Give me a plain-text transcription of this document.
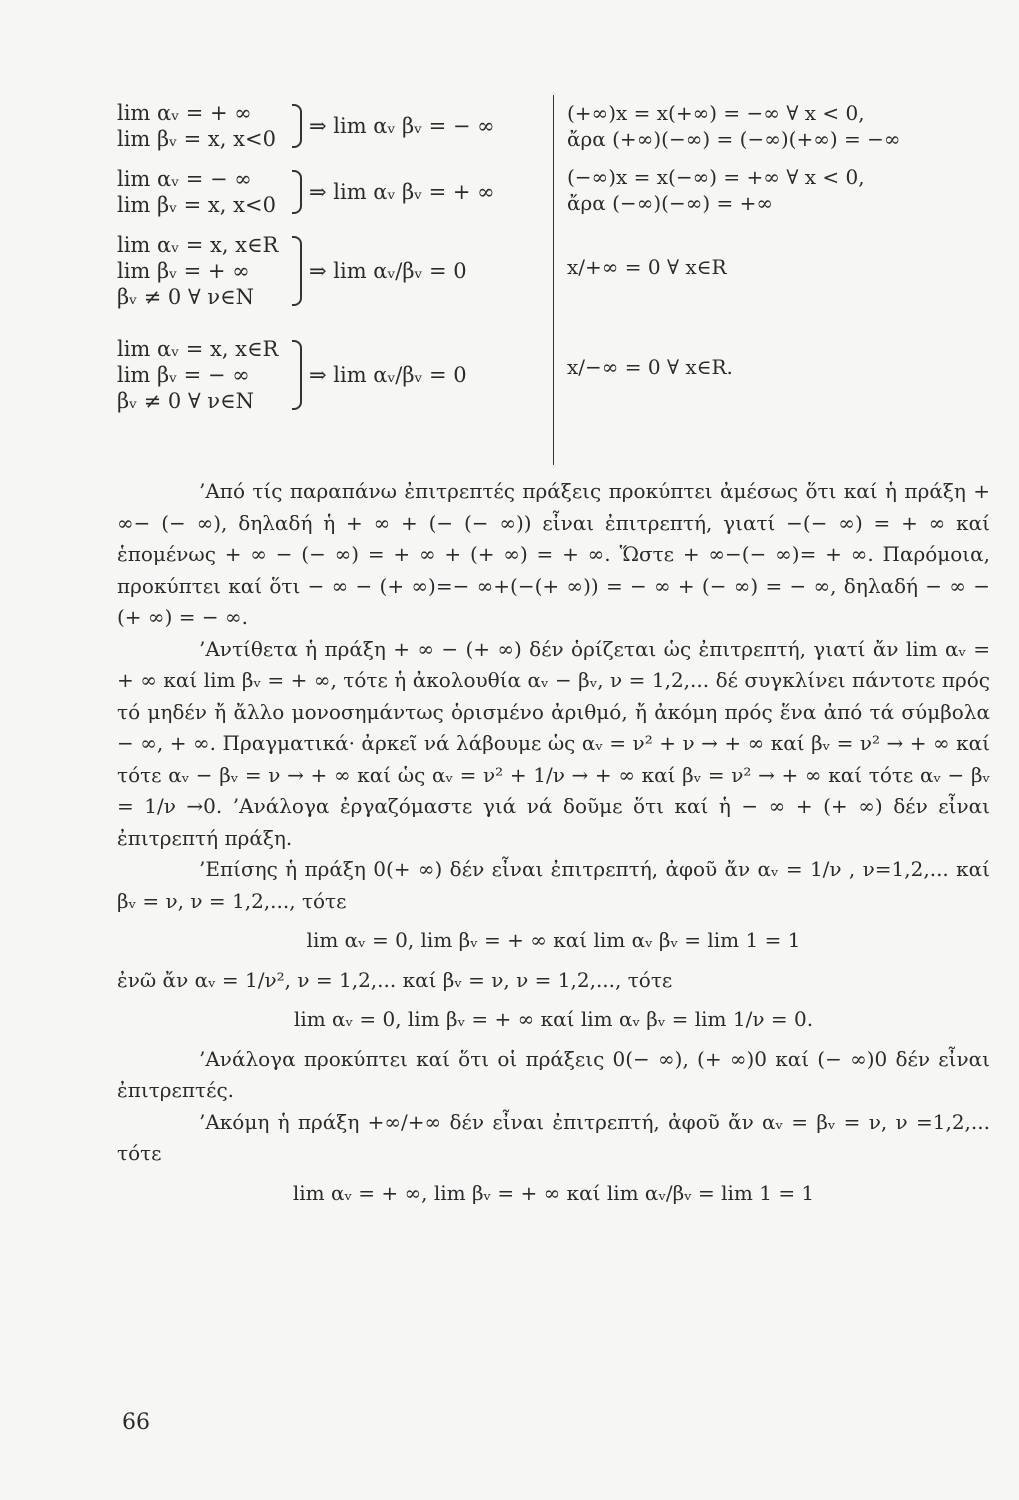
lim αᵥ = + ∞
lim βᵥ = x, x<0
⇒ lim αᵥ βᵥ = − ∞
lim αᵥ = − ∞
lim βᵥ = x, x<0
⇒ lim αᵥ βᵥ = + ∞
lim αᵥ = x, x∈R
lim βᵥ = + ∞
βᵥ ≠ 0 ∀ ν∈N
⇒ lim αᵥ/βᵥ = 0
lim αᵥ = x, x∈R
lim βᵥ = − ∞
βᵥ ≠ 0 ∀ ν∈N
⇒ lim αᵥ/βᵥ = 0
(+∞)x = x(+∞) = −∞ ∀ x < 0,
ἄρα (+∞)(−∞) = (−∞)(+∞) = −∞
(−∞)x = x(−∞) = +∞ ∀ x < 0,
ἄρα (−∞)(−∞) = +∞
x/+∞ = 0 ∀ x∈R
x/−∞ = 0 ∀ x∈R.

’Από τίς παραπάνω ἐπιτρεπτές πράξεις προκύπτει ἀμέσως ὅτι καί ἡ πράξη + ∞− (− ∞), δηλαδή ἡ + ∞ + (− (− ∞)) εἶναι ἐπιτρεπτή, γιατί −(− ∞) = + ∞ καί ἑπομένως + ∞ − (− ∞) = + ∞ + (+ ∞) = + ∞. Ὥστε + ∞−(− ∞)= + ∞. Παρόμοια, προκύπτει καί ὅτι − ∞ − (+ ∞)=− ∞+(−(+ ∞)) = − ∞ + (− ∞) = − ∞, δηλαδή − ∞ − (+ ∞) = − ∞.

’Αντίθετα ἡ πράξη + ∞ − (+ ∞) δέν ὁρίζεται ὡς ἐπιτρεπτή, γιατί ἄν lim αᵥ = + ∞ καί lim βᵥ = + ∞, τότε ἡ ἀκολουθία αᵥ − βᵥ, ν = 1,2,... δέ συγκλίνει πάντοτε πρός τό μηδέν ἤ ἄλλο μονοσημάντως ὁρισμένο ἀριθμό, ἤ ἀκόμη πρός ἕνα ἀπό τά σύμβολα − ∞, + ∞. Πραγματικά· ἀρκεῖ νά λάβουμε ὡς αᵥ = ν² + ν → + ∞ καί βᵥ = ν² → + ∞ καί τότε αᵥ − βᵥ = ν → + ∞ καί ὡς αᵥ = ν² + 1/ν → + ∞ καί βᵥ = ν² → + ∞ καί τότε αᵥ − βᵥ = 1/ν →0. ’Ανάλογα ἐργαζόμαστε γιά νά δοῦμε ὅτι καί ἡ − ∞ + (+ ∞) δέν εἶναι ἐπιτρεπτή πράξη.

’Επίσης ἡ πράξη 0(+ ∞) δέν εἶναι ἐπιτρεπτή, ἀφοῦ ἄν αᵥ = 1/ν , ν=1,2,... καί βᵥ = ν, ν = 1,2,..., τότε

lim αᵥ = 0, lim βᵥ = + ∞ καί lim αᵥ βᵥ = lim 1 = 1

ἐνῶ ἄν αᵥ = 1/ν², ν = 1,2,... καί βᵥ = ν, ν = 1,2,..., τότε

lim αᵥ = 0, lim βᵥ = + ∞ καί lim αᵥ βᵥ = lim 1/ν = 0.

’Ανάλογα προκύπτει καί ὅτι οἱ πράξεις 0(− ∞), (+ ∞)0 καί (− ∞)0 δέν εἶναι ἐπιτρεπτές.

’Ακόμη ἡ πράξη +∞/+∞ δέν εἶναι ἐπιτρεπτή, ἀφοῦ ἄν αᵥ = βᵥ = ν, ν =1,2,... τότε

lim αᵥ = + ∞, lim βᵥ = + ∞ καί lim αᵥ/βᵥ = lim 1 = 1

66
